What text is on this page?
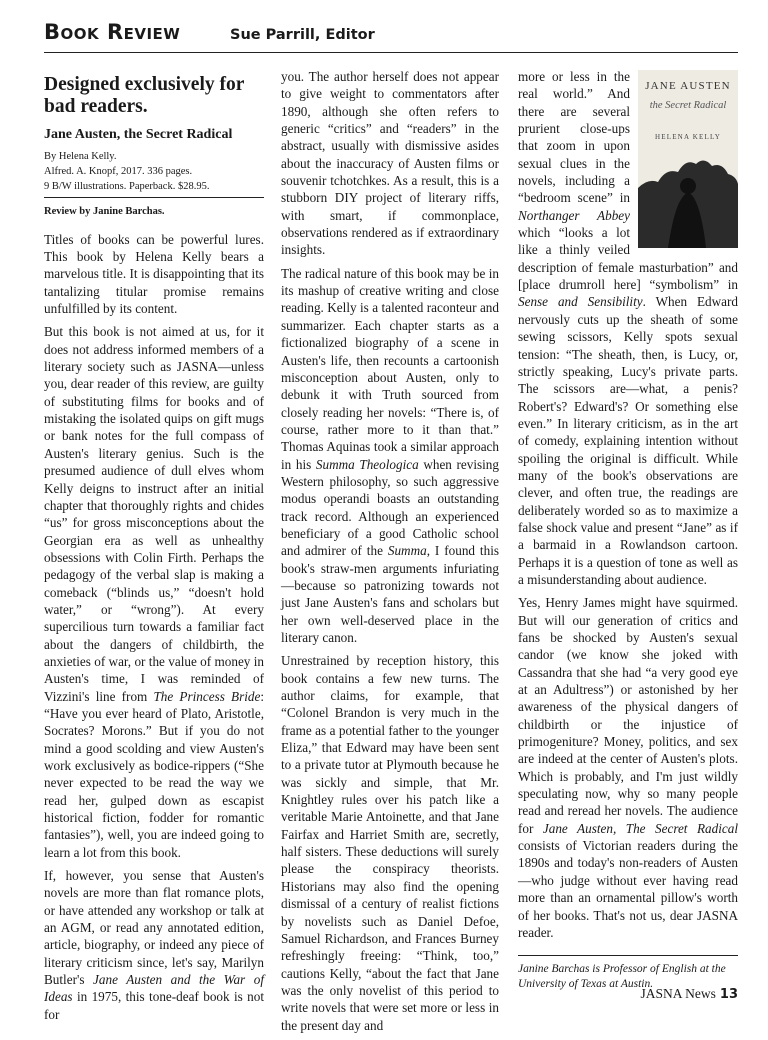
Book Review	Sue Parrill, Editor
Designed exclusively for bad readers.
Jane Austen, the Secret Radical
By Helena Kelly.
Alfred. A. Knopf, 2017. 336 pages.
9 B/W illustrations. Paperback. $28.95.
Review by Janine Barchas.

Titles of books can be powerful lures. This book by Helena Kelly bears a marvelous title. It is disappointing that its tantalizing titular promise remains unfulfilled by its content.

But this book is not aimed at us, for it does not address informed members of a literary society such as JASNA—unless you, dear reader of this review, are guilty of substituting films for books and of mistaking the isolated quips on gift mugs or bank notes for the full compass of Austen's literary genius. Such is the presumed audience of dull elves whom Kelly deigns to instruct after an initial chapter that thoroughly rights and chides “us” for gross misconceptions about the Georgian era as well as unhealthy obsessions with Colin Firth. Perhaps the pedagogy of the verbal slap is making a comeback (“blinds us,” “doesn't hold water,” or “wrong”). At every supercilious turn towards a familiar fact about the dangers of childbirth, the anxieties of war, or the value of money in Austen's time, I was reminded of Vizzini's line from The Princess Bride: “Have you ever heard of Plato, Aristotle, Socrates? Morons.” But if you do not mind a good scolding and view Austen's work exclusively as bodice-rippers (“She never expected to be read the way we read her, gulped down as escapist historical fiction, fodder for romantic fantasies”), well, you are indeed going to learn a lot from this book.

If, however, you sense that Austen's novels are more than flat romance plots, or have attended any workshop or talk at an AGM, or read any annotated edition, article, biography, or indeed any piece of literary criticism since, let's say, Marilyn Butler's Jane Austen and the War of Ideas in 1975, this tone-deaf book is not for

you. The author herself does not appear to give weight to commentators after 1890, although she often refers to generic “critics” and “readers” in the abstract, usually with dismissive asides about the inaccuracy of Austen films or souvenir tchotchkes. As a result, this is a stubborn DIY project of literary riffs, with smart, if commonplace, observations rendered as if extraordinary insights.

The radical nature of this book may be in its mashup of creative writing and close reading. Kelly is a talented raconteur and summarizer. Each chapter starts as a fictionalized biography of a scene in Austen's life, then recounts a cartoonish misconception about Austen, only to debunk it with Truth sourced from closely reading her novels: “There is, of course, rather more to it than that.” Thomas Aquinas took a similar approach in his Summa Theologica when revising Western philosophy, so such aggressive modus operandi boasts an outstanding track record. Although an experienced beneficiary of a good Catholic school and admirer of the Summa, I found this book's straw-men arguments infuriating—because so patronizing towards not just Jane Austen's fans and scholars but her own well-deserved place in the literary canon.

Unrestrained by reception history, this book contains a few new turns. The author claims, for example, that “Colonel Brandon is very much in the frame as a potential father to the younger Eliza,” that Edward may have been sent to a private tutor at Plymouth because he was sickly and simple, that Mr. Knightley rules over his patch like a veritable Marie Antoinette, and that Jane Fairfax and Harriet Smith are, secretly, half sisters. These deductions will surely please the conspiracy theorists. Historians may also find the opening dismissal of a century of realist fictions by novelists such as Daniel Defoe, Samuel Richardson, and Frances Burney refreshingly freeing: “Think, too,” cautions Kelly, “about the fact that Jane was the only novelist of this period to write novels that were set more or less in the present day and

JANE AUSTEN
the Secret Radical
HELENA KELLY

more or less in the real world.” And there are several prurient close-ups that zoom in upon sexual clues in the novels, including a “bedroom scene” in Northanger Abbey which “looks a lot like a thinly veiled description of female masturbation” and [place drumroll here] “symbolism” in Sense and Sensibility. When Edward nervously cuts up the sheath of some sewing scissors, Kelly spots sexual tension: “The sheath, then, is Lucy, or, strictly speaking, Lucy's private parts. The scissors are—what, a penis? Robert's? Edward's? Or something else even.” In literary criticism, as in the art of comedy, explaining intention without spoiling the original is difficult. While many of the book's observations are clever, and often true, the readings are deliberately worded so as to maximize a false shock value and present “Jane” as if a barmaid in a Rowlandson cartoon. Perhaps it is a question of tone as well as a misunderstanding about audience.

Yes, Henry James might have squirmed. But will our generation of critics and fans be shocked by Austen's sexual candor (we know she joked with Cassandra that she had “a very good eye at an Adultress”) or astonished by her awareness of the physical dangers of childbirth or the injustice of primogeniture? Money, politics, and sex are indeed at the center of Austen's plots. Which is probably, and I'm just wildly speculating now, why so many people read and reread her novels. The audience for Jane Austen, The Secret Radical consists of Victorian readers during the 1890s and today's non-readers of Austen—who judge without ever having read more than an ornamental pillow's worth of her books. That's not us, dear JASNA reader.

Janine Barchas is Professor of English at the University of Texas at Austin.
JASNA News 13
